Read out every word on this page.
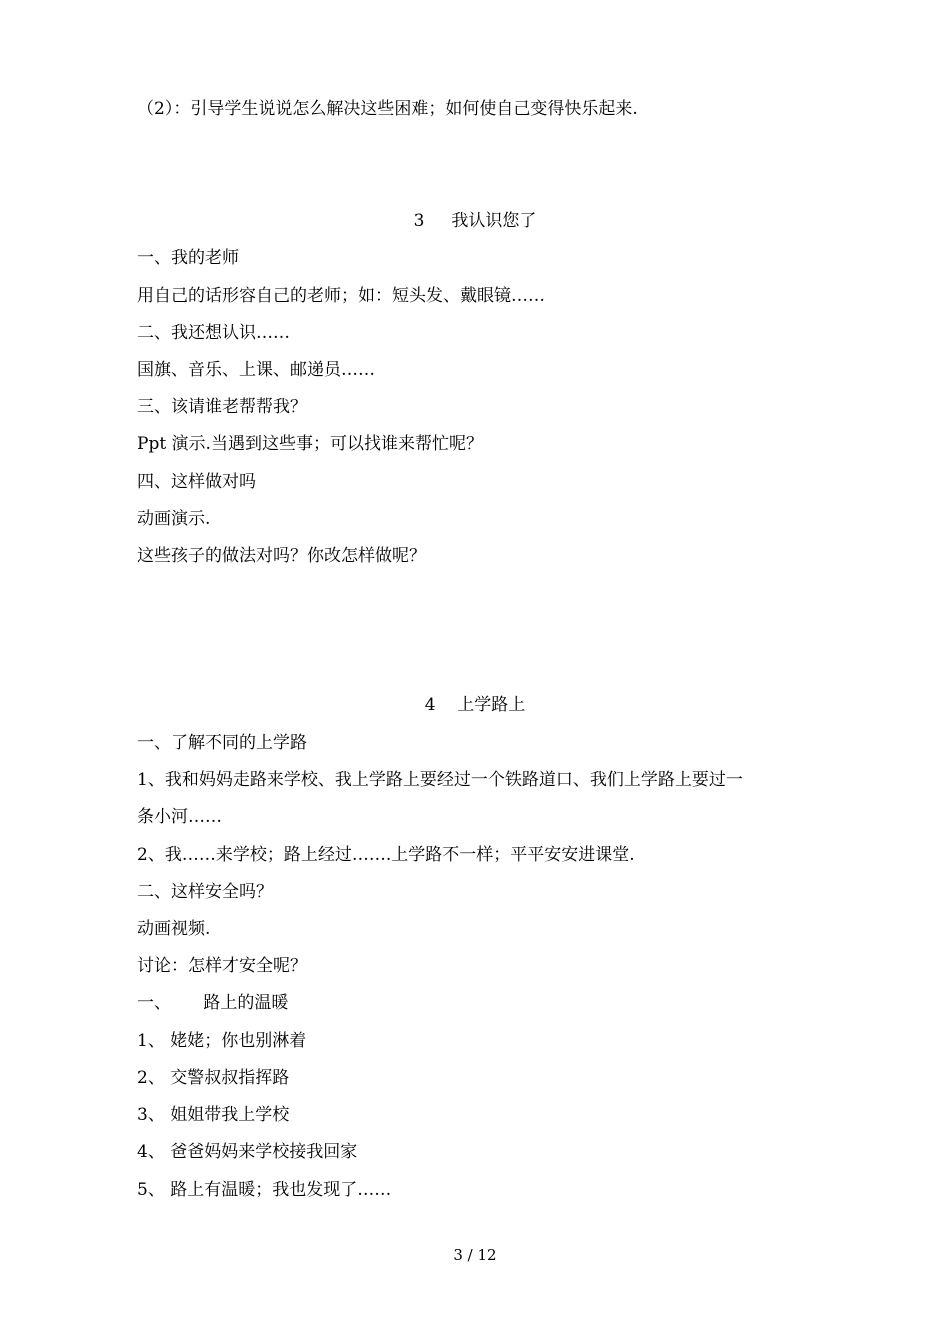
（2）：引导学生说说怎么解决这些困难；如何使自己变得快乐起来.
3     我认识您了
一、我的老师
用自己的话形容自己的老师；如：短头发、戴眼镜……
二、我还想认识……
国旗、音乐、上课、邮递员……
三、该请谁老帮帮我？
Ppt 演示.当遇到这些事；可以找谁来帮忙呢？
四、这样做对吗
动画演示.
这些孩子的做法对吗？你改怎样做呢？
4    上学路上
一、了解不同的上学路
1、我和妈妈走路来学校、我上学路上要经过一个铁路道口、我们上学路上要过一
条小河……
2、我……来学校；路上经过…….上学路不一样；平平安安进课堂.
二、这样安全吗？
动画视频.
讨论：怎样才安全呢？
一、      路上的温暖
1、 姥姥；你也别淋着
2、 交警叔叔指挥路
3、 姐姐带我上学校
4、 爸爸妈妈来学校接我回家
5、 路上有温暖；我也发现了……
3 / 12
